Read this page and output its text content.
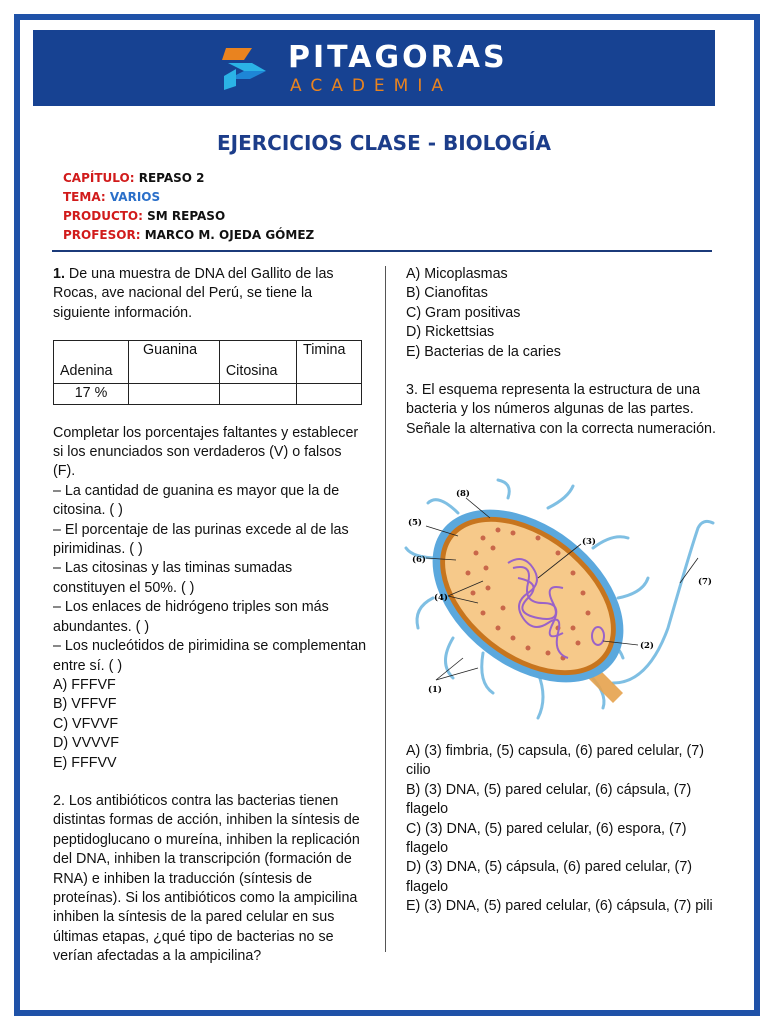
PITAGORAS
ACADEMIA
EJERCICIOS CLASE - BIOLOGÍA
CAPÍTULO: REPASO 2
TEMA: VARIOS
PRODUCTO: SM REPASO
PROFESOR: MARCO M. OJEDA GÓMEZ

1. De una muestra de DNA del Gallito de las Rocas, ave nacional del Perú, se tiene la siguiente información.

Adenina	Guanina	Citosina	Timina
17 %			

Completar los porcentajes faltantes y establecer si los enunciados son verdaderos (V) o falsos (F).

– La cantidad de guanina es mayor que la de citosina. ( )

– El porcentaje de las purinas excede al de las pirimidinas. ( )

– Las citosinas y las timinas sumadas constituyen el 50%. ( )

– Los enlaces de hidrógeno triples son más abundantes. ( )

– Los nucleótidos de pirimidina se complementan entre sí. ( )

A) FFFVF

B) VFFVF

C) VFVVF

D) VVVVF

E) FFFVV

2. Los antibióticos contra las bacterias tienen distintas formas de acción, inhiben la síntesis de peptidoglucano o mureína, inhiben la replicación del DNA, inhiben la transcripción (formación de RNA) e inhiben la traducción (síntesis de proteínas). Si los antibióticos como la ampicilina inhiben la síntesis de la pared celular en sus últimas etapas, ¿qué tipo de bacterias no se verían afectadas a la ampicilina?

A) Micoplasmas

B) Cianofitas

C) Gram positivas

D) Rickettsias

E) Bacterias de la caries

3. El esquema representa la estructura de una bacteria y los números algunas de las partes. Señale la alternativa con la correcta numeración.

(8)
(5)
(6)
(3)
(4)
(2)
(7)
(1)

A) (3) fimbria, (5) capsula, (6) pared celular, (7) cilio

B) (3) DNA, (5) pared celular, (6) cápsula, (7) flagelo

C) (3) DNA, (5) pared celular, (6) espora, (7) flagelo

D) (3) DNA, (5) cápsula, (6) pared celular, (7) flagelo

E) (3) DNA, (5) pared celular, (6) cápsula, (7) pili
